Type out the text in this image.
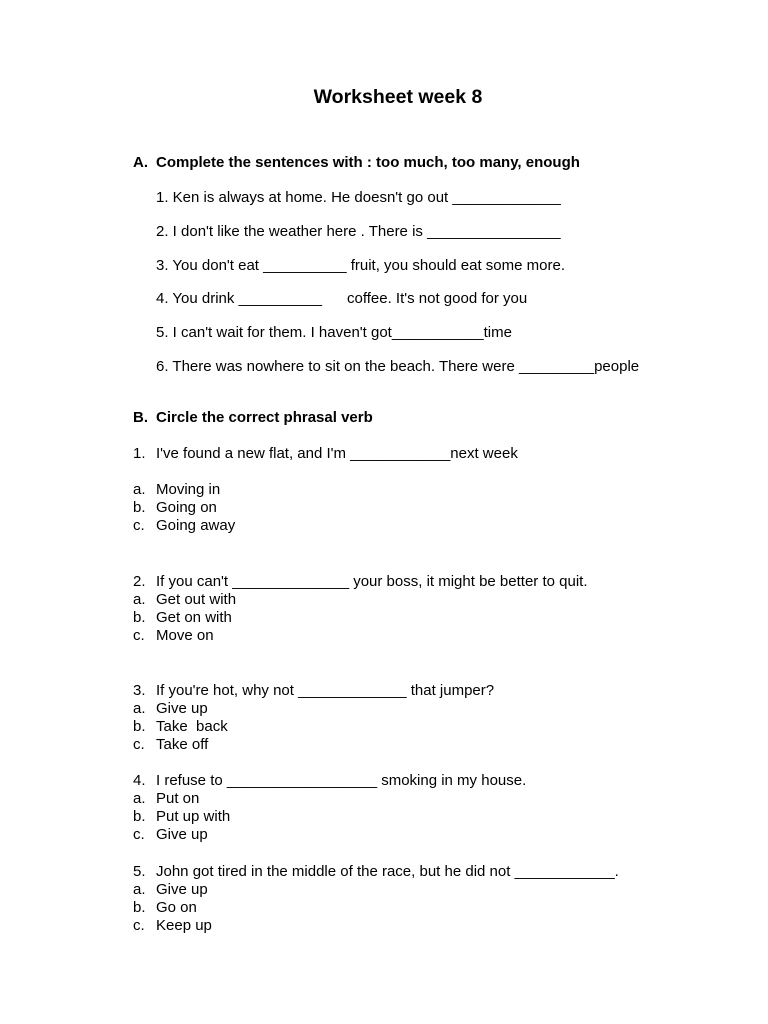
Worksheet week 8
A. Complete the sentences with : too much, too many, enough
1. Ken is always at home. He doesn't go out _____________
2. I don't like the weather here . There is ________________
3. You don't eat __________ fruit, you should eat some more.
4. You drink __________      coffee. It's not good for you
5. I can't wait for them. I haven't got___________time
6. There was nowhere to sit on the beach. There were _________people
B. Circle the correct phrasal verb
1. I've found a new flat, and I'm ____________next week
a. Moving in
b. Going on
c. Going away
2. If you can't ______________ your boss, it might be better to quit.
a. Get out with
b. Get on with
c. Move on
3. If you're hot, why not _____________ that jumper?
a. Give up
b. Take  back
c. Take off
4. I refuse to __________________ smoking in my house.
a. Put on
b. Put up with
c. Give up
5. John got tired in the middle of the race, but he did not ____________.
a. Give up
b. Go on
c. Keep up
